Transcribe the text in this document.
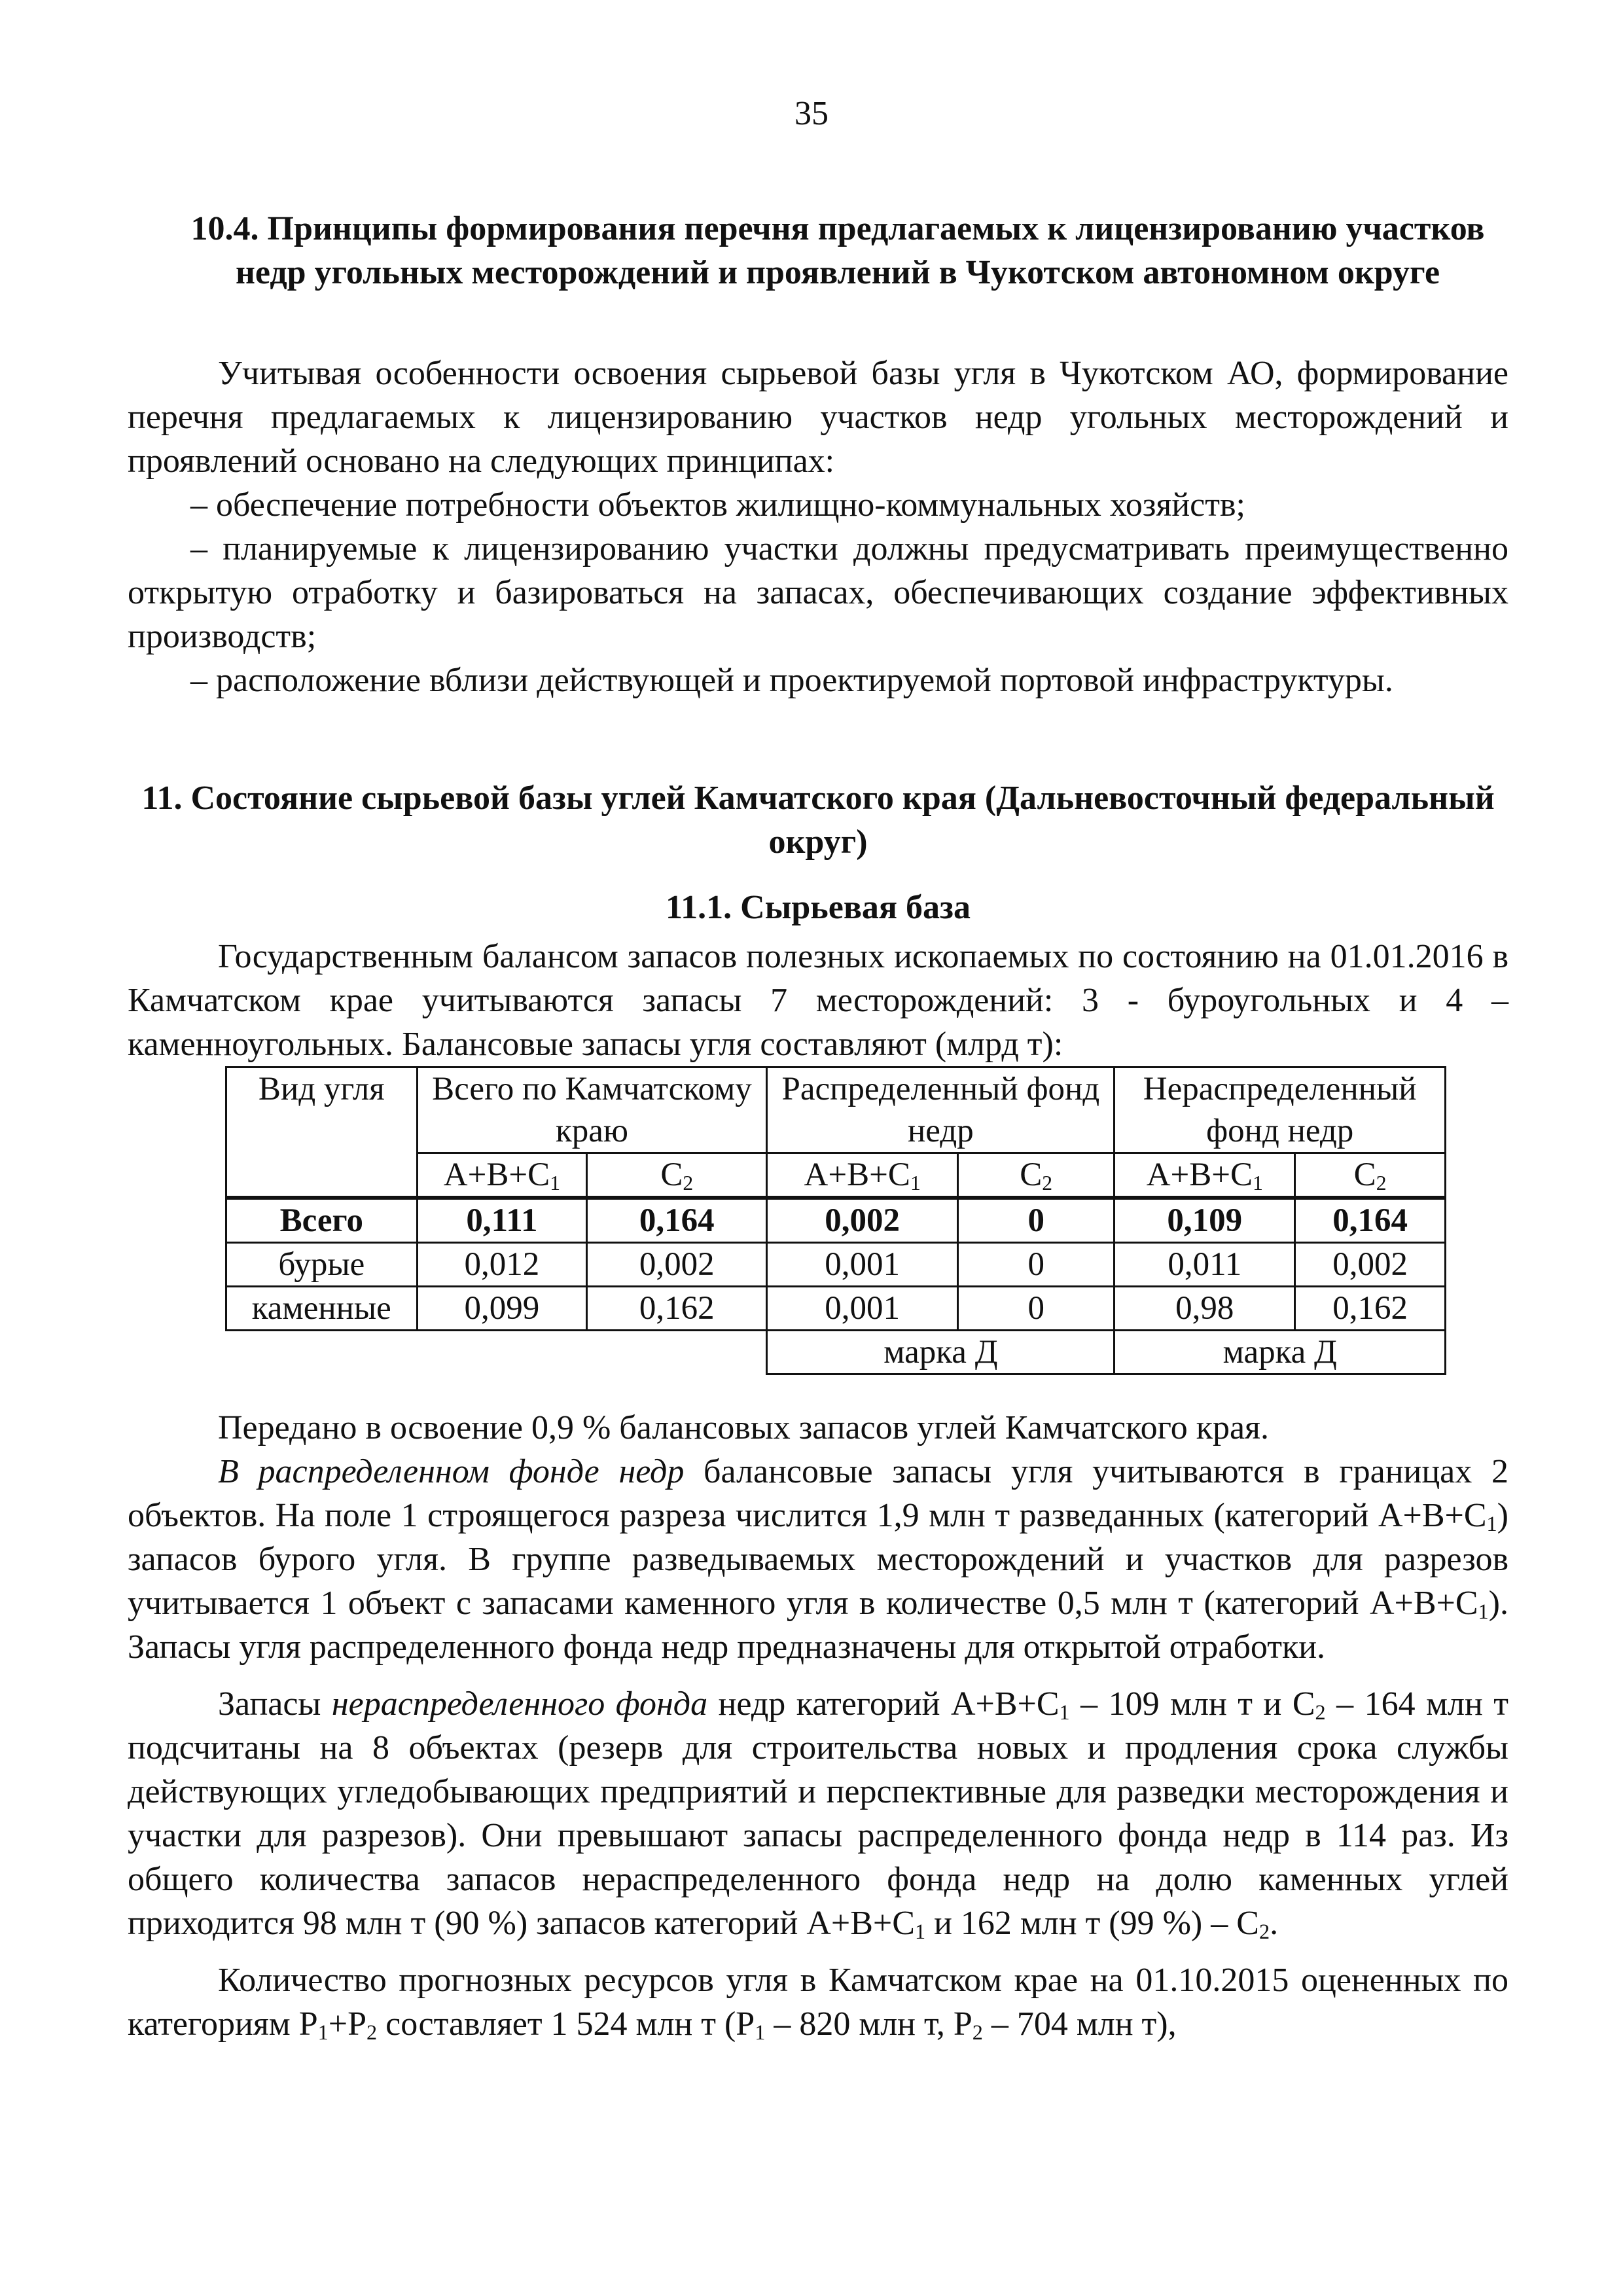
35
10.4. Принципы формирования перечня предлагаемых к лицензированию участков недр угольных месторождений и проявлений в Чукотском автономном округе

Учитывая особенности освоения сырьевой базы угля в Чукотском АО, формирование перечня предлагаемых к лицензированию участков недр угольных месторождений и проявлений основано на следующих принципах:

– обеспечение потребности объектов жилищно-коммунальных хозяйств;

– планируемые к лицензированию участки должны предусматривать преимущественно открытую отработку и базироваться на запасах, обеспечивающих создание эффективных производств;

– расположение вблизи действующей и проектируемой портовой инфраструктуры.

11. Состояние сырьевой базы углей Камчатского края (Дальневосточный федеральный округ)
11.1. Сырьевая база

Государственным балансом запасов полезных ископаемых по состоянию на 01.01.2016 в Камчатском крае учитываются запасы 7 месторождений: 3 - буроугольных и 4 – каменноугольных. Балансовые запасы угля составляют (млрд т):

Вид угля	Всего по Камчатскому краю		Распределенный фонд недр		Нераспределенный фонд недр	
	$А+В+С_1$	$С_2$	$А+В+С_1$	$С_2$	$А+В+С_1$	$С_2$
Всего	0,111	0,164	0,002	0	0,109	0,164
бурые	0,012	0,002	0,001	0	0,011	0,002
каменные	0,099	0,162	0,001	0	0,98	0,162
			марка Д		марка Д	

Передано в освоение 0,9 % балансовых запасов углей Камчатского края.

В распределенном фонде недр балансовые запасы угля учитываются в границах 2 объектов. На поле 1 строящегося разреза числится 1,9 млн т разведанных (категорий $А+В+С_1$) запасов бурого угля. В группе разведываемых месторождений и участков для разрезов учитывается 1 объект с запасами каменного угля в количестве 0,5 млн т (категорий $А+В+С_1$). Запасы угля распределенного фонда недр предназначены для открытой отработки.

Запасы нераспределенного фонда недр категорий $А+В+С_1 - 109$ млн т и $С_2 - 164$ млн т подсчитаны на 8 объектах (резерв для строительства новых и продления срока службы действующих угледобывающих предприятий и перспективные для разведки месторождения и участки для разрезов). Они превышают запасы распределенного фонда недр в 114 раз. Из общего количества запасов нераспределенного фонда недр на долю каменных углей приходится 98 млн т (90 %) запасов категорий $А+В+С_1$ и 162 млн т (99 %) – $С_2$.

Количество прогнозных ресурсов угля в Камчатском крае на 01.10.2015 оцененных по категориям $P_1+P_2$ составляет 1 524 млн т ($P_1 - 820$ млн т, $P_2 - 704$ млн т),
